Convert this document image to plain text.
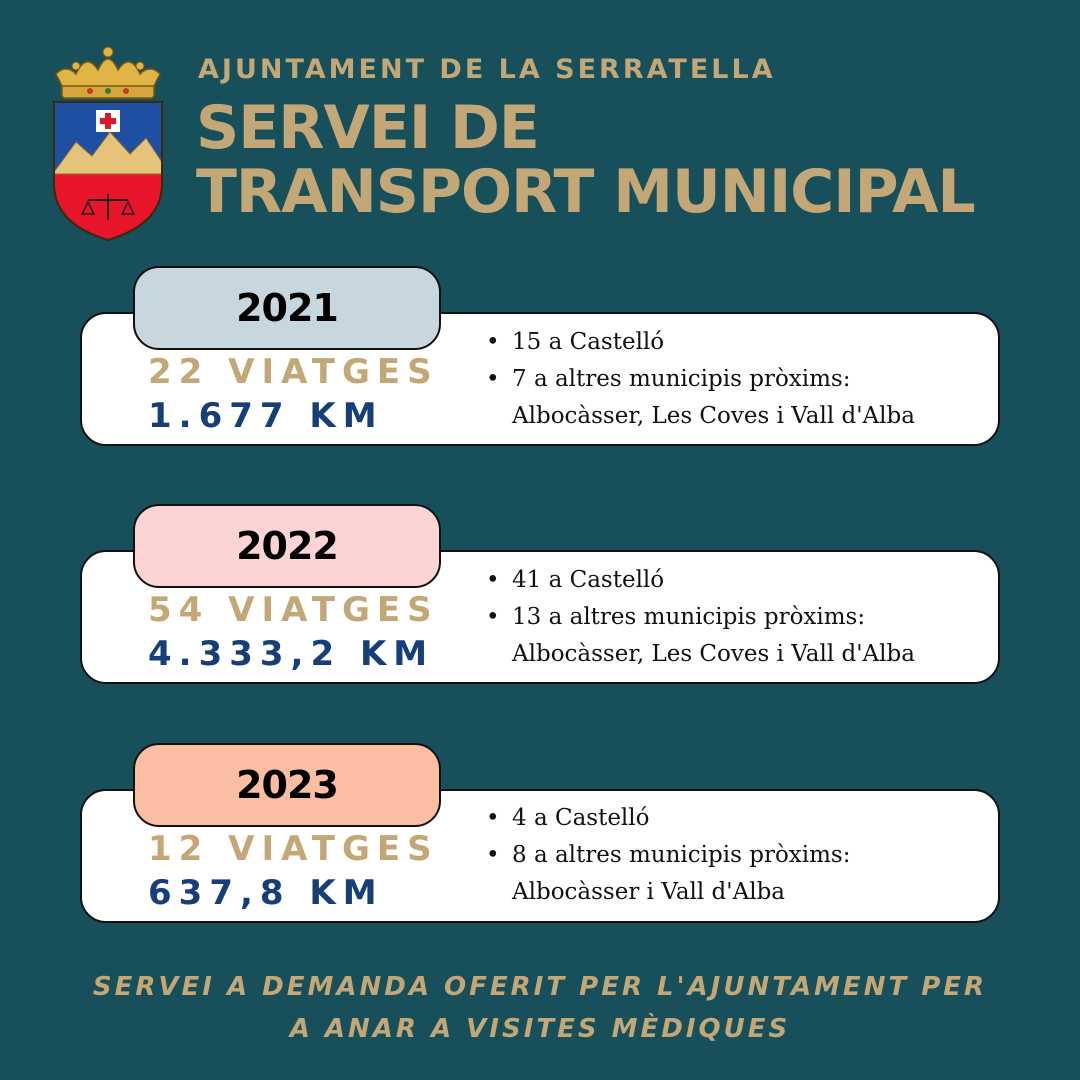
AJUNTAMENT DE LA SERRATELLA
SERVEI DE
TRANSPORT MUNICIPAL
2021
22 VIATGES
1.677 KM
• 15 a Castelló
• 7 a altres municipis pròxims:
Albocàsser, Les Coves i Vall d'Alba
2022
54 VIATGES
4.333,2 KM
• 41 a Castelló
• 13 a altres municipis pròxims:
Albocàsser, Les Coves i Vall d'Alba
2023
12 VIATGES
637,8 KM
• 4 a Castelló
• 8 a altres municipis pròxims:
Albocàsser i Vall d'Alba
SERVEI A DEMANDA OFERIT PER L'AJUNTAMENT PER
A ANAR A VISITES MÈDIQUES
